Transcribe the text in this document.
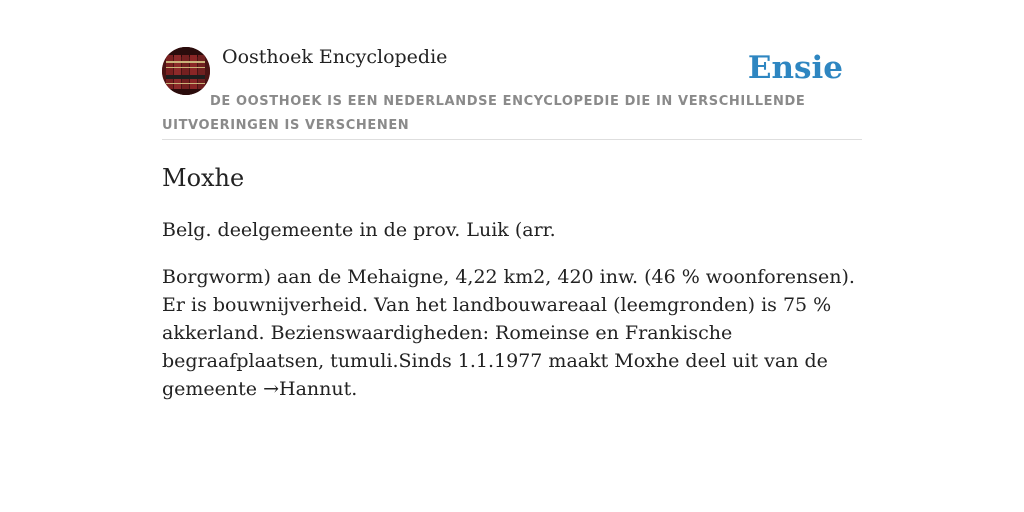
Oosthoek Encyclopedie	Ensie
DE OOSTHOEK IS EEN NEDERLANDSE ENCYCLOPEDIE DIE IN VERSCHILLENDE UITVOERINGEN IS VERSCHENEN
Moxhe

Belg. deelgemeente in de prov. Luik (arr.

Borgworm) aan de Mehaigne, 4,22 km2, 420 inw. (46 % woonforensen). Er is bouwnijverheid. Van het landbouwareaal (leemgronden) is 75 % akkerland. Bezienswaardigheden: Romeinse en Frankische begraafplaatsen, tumuli.Sinds 1.1.1977 maakt Moxhe deel uit van de gemeente →Hannut.
